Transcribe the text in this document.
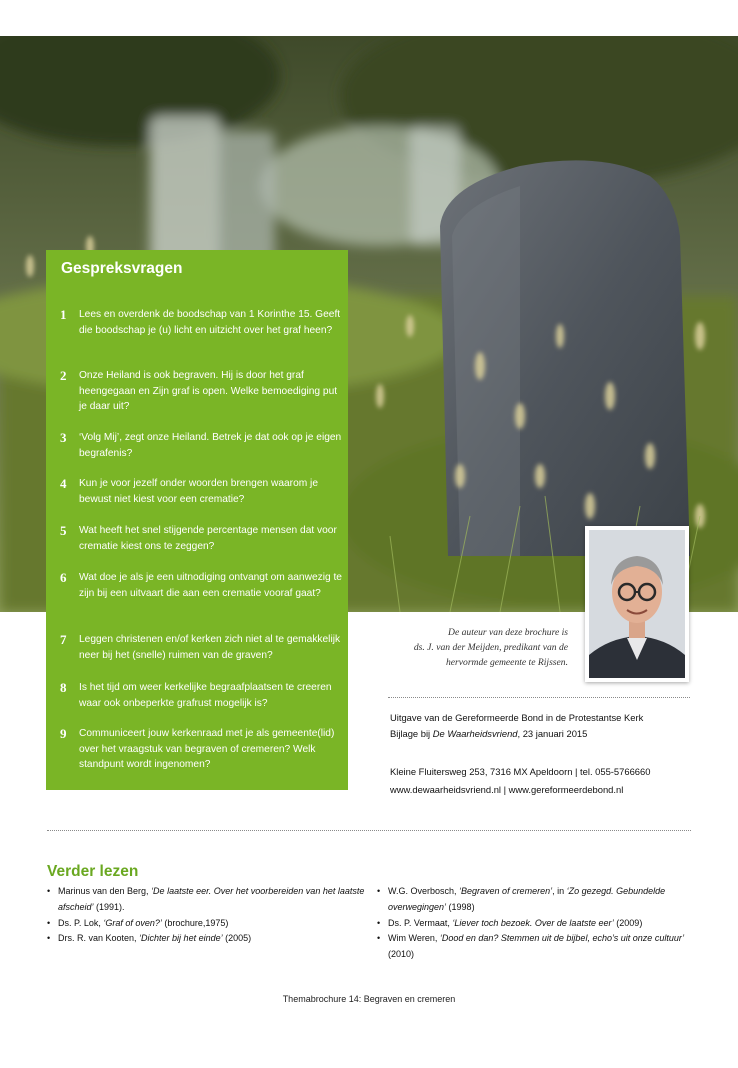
Gespreksvragen
1 Lees en overdenk de boodschap van 1 Korinthe 15. Geeft die boodschap je (u) licht en uitzicht over het graf heen?
2 Onze Heiland is ook begraven. Hij is door het graf heengegaan en Zijn graf is open. Welke bemoediging put je daar uit?
3 ‘Volg Mij’, zegt onze Heiland. Betrek je dat ook op je eigen begrafenis?
4 Kun je voor jezelf onder woorden brengen waarom je bewust niet kiest voor een crematie?
5 Wat heeft het snel stijgende percentage mensen dat voor crematie kiest ons te zeggen?
6 Wat doe je als je een uitnodiging ontvangt om aanwezig te zijn bij een uitvaart die aan een crematie vooraf gaat?
7 Leggen christenen en/of kerken zich niet al te gemakkelijk neer bij het (snelle) ruimen van de graven?
8 Is het tijd om weer kerkelijke begraafplaatsen te creeren waar ook onbeperkte grafrust mogelijk is?
9 Communiceert jouw kerkenraad met je als gemeente(lid) over het vraagstuk van begraven of cremeren? Welk standpunt wordt ingenomen?
De auteur van deze brochure is
ds. J. van der Meijden, predikant van de
hervormde gemeente te Rijssen.

Uitgave van de Gereformeerde Bond in de Protestantse Kerk

Bijlage bij De Waarheidsvriend, 23 januari 2015

Kleine Fluitersweg 253, 7316 MX Apeldoorn | tel. 055-5766660

www.dewaarheidsvriend.nl | www.gereformeerdebond.nl

Verder lezen
• Marinus van den Berg, ‘De laatste eer. Over het voorbereiden van het laatste afscheid’ (1991).
• Ds. P. Lok, ‘Graf of oven?’ (brochure,1975)
• Drs. R. van Kooten, ‘Dichter bij het einde’ (2005)
• W.G. Overbosch, ‘Begraven of cremeren’, in ‘Zo gezegd. Gebundelde overwegingen’ (1998)
• Ds. P. Vermaat, ‘Liever toch bezoek. Over de laatste eer’ (2009)
• Wim Weren, ‘Dood en dan? Stemmen uit de bijbel, echo’s uit onze cultuur’ (2010)
Themabrochure 14: Begraven en cremeren
